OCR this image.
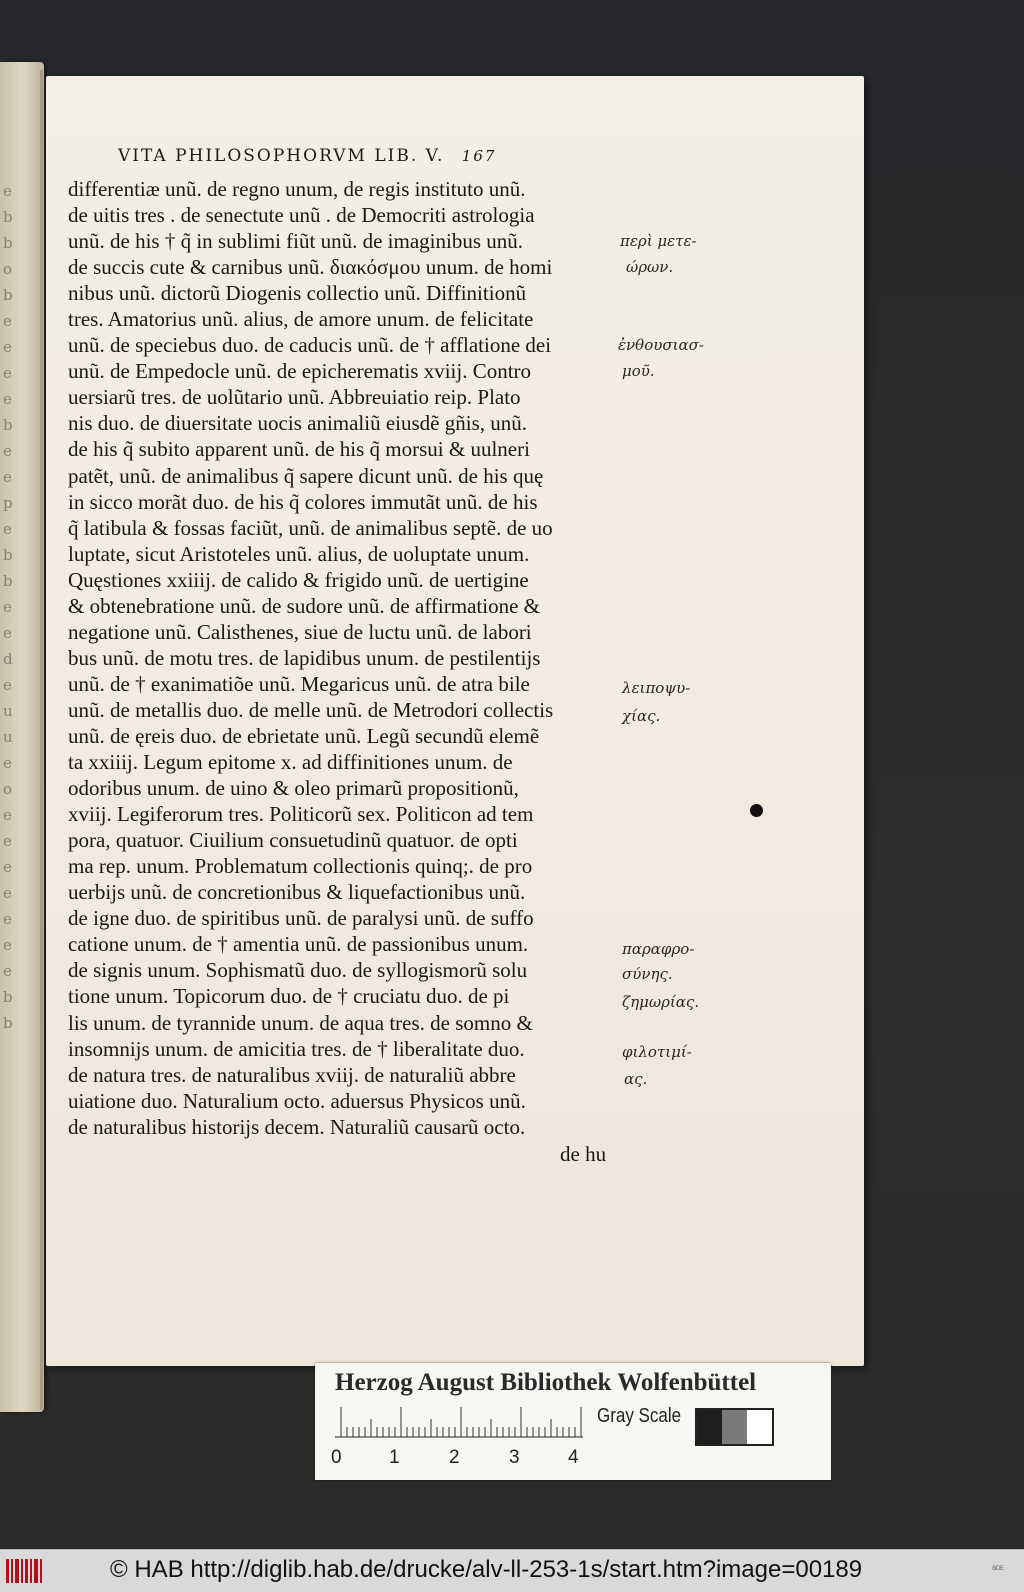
e
b
b
o
b
e
e
e
e
b
e
e
p
e
b
b
e
e
d
e
u
u
e
o
e
e
e
e
e
e
e
b
b
VITA PHILOSOPHORVM LIB. V. 167
differentiæ unũ. de regno unum, de regis instituto unũ.
de uitis tres . de senectute unũ . de Democriti astrologia
unũ. de his † q̃ in sublimi fiũt unũ. de imaginibus unũ.
de succis cute & carnibus unũ. διακόσμου unum. de homi
nibus unũ. dictorũ Diogenis collectio unũ. Diffinitionũ
tres. Amatorius unũ. alius, de amore unum. de felicitate
unũ. de speciebus duo. de caducis unũ. de † afflatione dei
unũ. de Empedocle unũ. de epicherematis xviij. Contro
uersiarũ tres. de uolũtario unũ. Abbreuiatio reip. Plato
nis duo. de diuersitate uocis animaliũ eiusdẽ gñis, unũ.
de his q̃ subito apparent unũ. de his q̃ morsui & uulneri
patẽt, unũ. de animalibus q̃ sapere dicunt unũ. de his quę
in sicco morãt duo. de his q̃ colores immutãt unũ. de his
q̃ latibula & fossas faciũt, unũ. de animalibus septẽ. de uo
luptate, sicut Aristoteles unũ. alius, de uoluptate unum.
Quęstiones xxiiij. de calido & frigido unũ. de uertigine
& obtenebratione unũ. de sudore unũ. de affirmatione &
negatione unũ. Calisthenes, siue de luctu unũ. de labori
bus unũ. de motu tres. de lapidibus unum. de pestilentijs
unũ. de † exanimatiõe unũ. Megaricus unũ. de atra bile
unũ. de metallis duo. de melle unũ. de Metrodori collectis
unũ. de ęreis duo. de ebrietate unũ. Legũ secundũ elemẽ
ta xxiiij. Legum epitome x. ad diffinitiones unum. de
odoribus unum. de uino & oleo primarũ propositionũ,
xviij. Legiferorum tres. Politicorũ sex. Politicon ad tem
pora, quatuor. Ciuilium consuetudinũ quatuor. de opti
ma rep. unum. Problematum collectionis quinq;. de pro
uerbijs unũ. de concretionibus & liquefactionibus unũ.
de igne duo. de spiritibus unũ. de paralysi unũ. de suffo
catione unum. de † amentia unũ. de passionibus unum.
de signis unum. Sophismatũ duo. de syllogismorũ solu
tione unum. Topicorum duo. de † cruciatu duo. de pi
lis unum. de tyrannide unum. de aqua tres. de somno &
insomnijs unum. de amicitia tres. de † liberalitate duo.
de natura tres. de naturalibus xviij. de naturaliũ abbre
uiatione duo. Naturalium octo. aduersus Physicos unũ.
de naturalibus historijs decem. Naturaliũ causarũ octo.
de hu
περὶ μετε-
ώρων.
ἐνθουσιασ-
μοῦ.
λειποψυ-
χίας.
παραφρο-
σύνης.
ζημωρίας.
φιλοτιμί-
ας.
Herzog August Bibliothek Wolfenbüttel
0 1	2	3	4
Gray Scale
© HAB http://diglib.hab.de/drucke/alv-ll-253-1s/start.htm?image=00189	ᴮᴰᴱ
